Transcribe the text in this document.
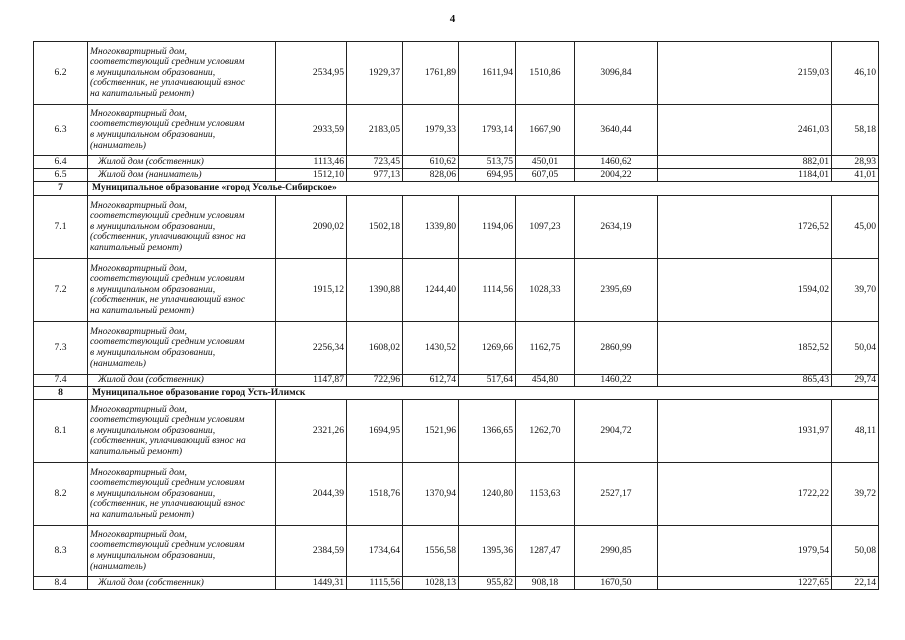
4
6.2	Многоквартирный дом,
соответствующий средним условиям
в муниципальном образовании,
(собственник, не уплачивающий взнос
на капитальный ремонт)	2534,95	1929,37	1761,89	1611,94	1510,86	3096,84	2159,03	46,10
6.3	Многоквартирный дом,
соответствующий средним условиям
в муниципальном образовании,
(наниматель)	2933,59	2183,05	1979,33	1793,14	1667,90	3640,44	2461,03	58,18
6.4	Жилой дом (собственник)	1113,46	723,45	610,62	513,75	450,01	1460,62	882,01	28,93
6.5	Жилой дом (наниматель)	1512,10	977,13	828,06	694,95	607,05	2004,22	1184,01	41,01
7	Муниципальное образование «город Усолье-Сибирское»								
7.1	Многоквартирный дом,
соответствующий средним условиям
в муниципальном образовании,
(собственник, уплачивающий взнос на
капитальный ремонт)	2090,02	1502,18	1339,80	1194,06	1097,23	2634,19	1726,52	45,00
7.2	Многоквартирный дом,
соответствующий средним условиям
в муниципальном образовании,
(собственник, не уплачивающий взнос
на капитальный ремонт)	1915,12	1390,88	1244,40	1114,56	1028,33	2395,69	1594,02	39,70
7.3	Многоквартирный дом,
соответствующий средним условиям
в муниципальном образовании,
(наниматель)	2256,34	1608,02	1430,52	1269,66	1162,75	2860,99	1852,52	50,04
7.4	Жилой дом (собственник)	1147,87	722,96	612,74	517,64	454,80	1460,22	865,43	29,74
8	Муниципальное образование город Усть-Илимск								
8.1	Многоквартирный дом,
соответствующий средним условиям
в муниципальном образовании,
(собственник, уплачивающий взнос на
капитальный ремонт)	2321,26	1694,95	1521,96	1366,65	1262,70	2904,72	1931,97	48,11
8.2	Многоквартирный дом,
соответствующий средним условиям
в муниципальном образовании,
(собственник, не уплачивающий взнос
на капитальный ремонт)	2044,39	1518,76	1370,94	1240,80	1153,63	2527,17	1722,22	39,72
8.3	Многоквартирный дом,
соответствующий средним условиям
в муниципальном образовании,
(наниматель)	2384,59	1734,64	1556,58	1395,36	1287,47	2990,85	1979,54	50,08
8.4	Жилой дом (собственник)	1449,31	1115,56	1028,13	955,82	908,18	1670,50	1227,65	22,14
